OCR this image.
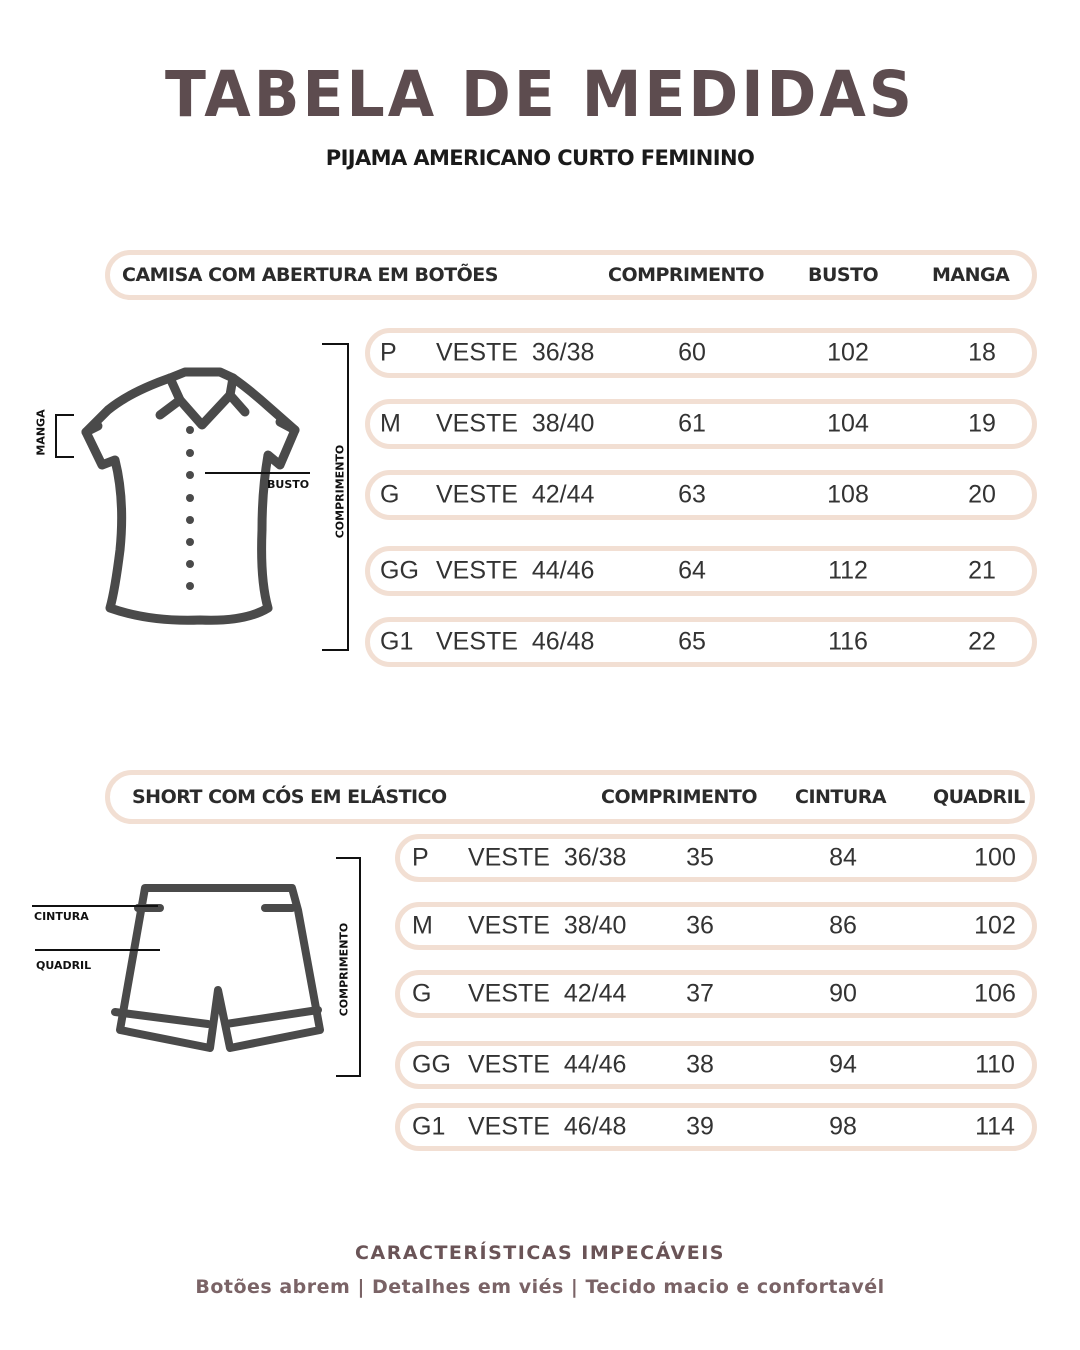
TABELA DE MEDIDAS
PIJAMA AMERICANO CURTO FEMININO
CAMISA COM ABERTURA EM BOTÕES	COMPRIMENTO BUSTO	MANGA
P VESTE  36/38	60	102	18
M VESTE  38/40	61	104	19
G VESTE  42/44	63	108	20
GG VESTE  44/46	64	112	21
G1 VESTE  46/48	65	116	22
MANGA
BUSTO COMPRIMENTO
SHORT COM CÓS EM ELÁSTICO	COMPRIMENTO CINTURA QUADRIL
P VESTE  36/38	35	84	100
M VESTE  38/40	36	86	102
G VESTE  42/44	37	90	106
GG VESTE  44/46	38	94	110
G1 VESTE  46/48	39	98	114
CINTURA
QUADRIL	COMPRIMENTO
CARACTERÍSTICAS IMPECÁVEIS
Botões abrem | Detalhes em viés | Tecido macio e confortavél
